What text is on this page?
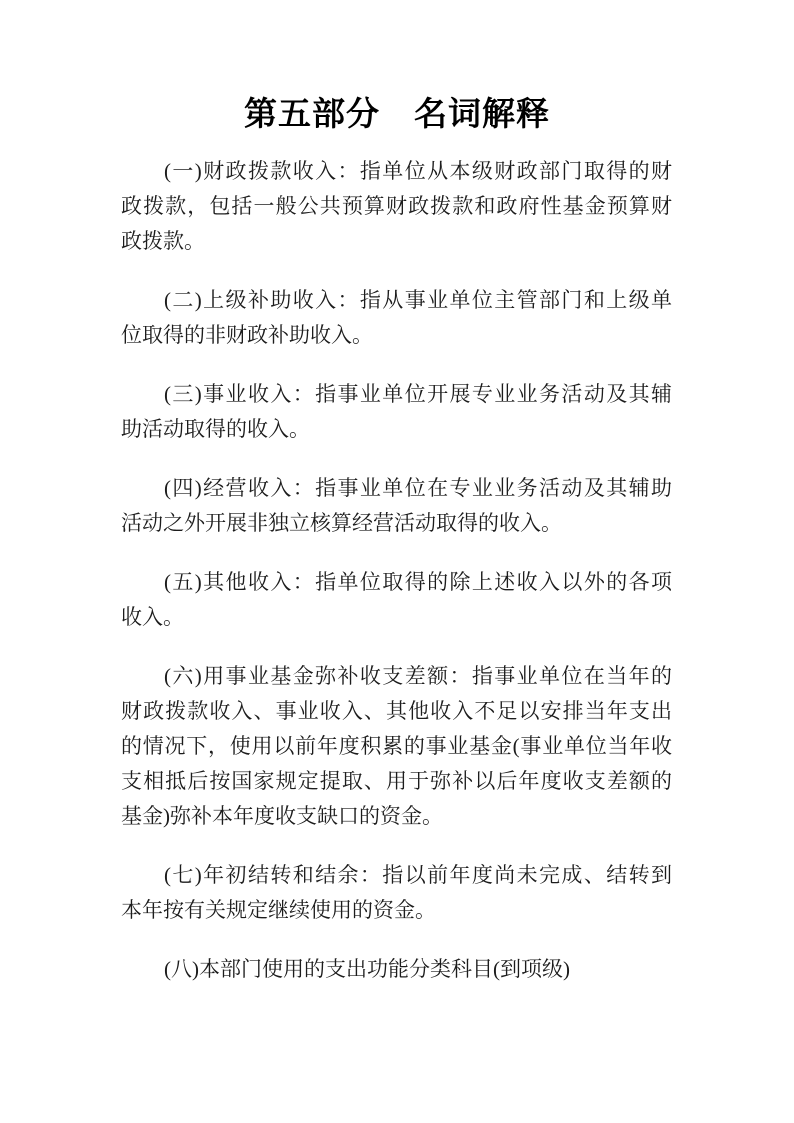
第五部分　名词解释
(一)财政拨款收入：指单位从本级财政部门取得的财
政拨款，包括一般公共预算财政拨款和政府性基金预算财
政拨款。
(二)上级补助收入：指从事业单位主管部门和上级单
位取得的非财政补助收入。
(三)事业收入：指事业单位开展专业业务活动及其辅
助活动取得的收入。
(四)经营收入：指事业单位在专业业务活动及其辅助
活动之外开展非独立核算经营活动取得的收入。
(五)其他收入：指单位取得的除上述收入以外的各项
收入。
(六)用事业基金弥补收支差额：指事业单位在当年的
财政拨款收入、事业收入、其他收入不足以安排当年支出
的情况下，使用以前年度积累的事业基金(事业单位当年收
支相抵后按国家规定提取、用于弥补以后年度收支差额的
基金)弥补本年度收支缺口的资金。
(七)年初结转和结余：指以前年度尚未完成、结转到
本年按有关规定继续使用的资金。
(八)本部门使用的支出功能分类科目(到项级)
